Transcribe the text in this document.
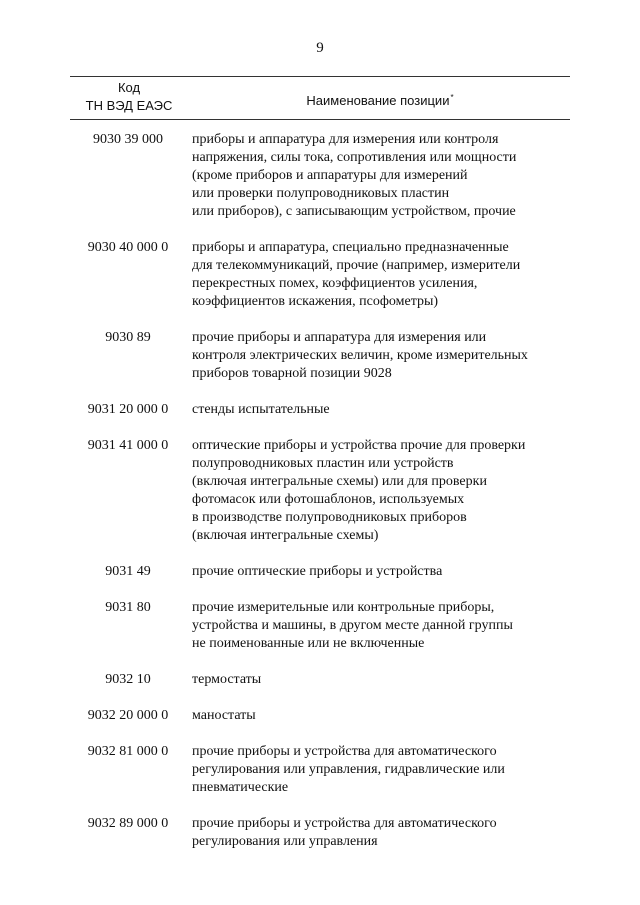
9
Код
ТН ВЭД ЕАЭС	Наименование позиции*
9030 39 000	приборы и аппаратура для измерения или контроля
напряжения, силы тока, сопротивления или мощности
(кроме приборов и аппаратуры для измерений
или проверки полупроводниковых пластин
или приборов), с записывающим устройством, прочие
9030 40 000 0	приборы и аппаратура, специально предназначенные
для телекоммуникаций, прочие (например, измерители
перекрестных помех, коэффициентов усиления,
коэффициентов искажения, псофометры)
9030 89	прочие приборы и аппаратура для измерения или
контроля электрических величин, кроме измерительных
приборов товарной позиции 9028
9031 20 000 0	стенды испытательные
9031 41 000 0	оптические приборы и устройства прочие для проверки
полупроводниковых пластин или устройств
(включая интегральные схемы) или для проверки
фотомасок или фотошаблонов, используемых
в производстве полупроводниковых приборов
(включая интегральные схемы)
9031 49	прочие оптические приборы и устройства
9031 80	прочие измерительные или контрольные приборы,
устройства и машины, в другом месте данной группы
не поименованные или не включенные
9032 10	термостаты
9032 20 000 0	маностаты
9032 81 000 0	прочие приборы и устройства для автоматического
регулирования или управления, гидравлические или
пневматические
9032 89 000 0	прочие приборы и устройства для автоматического
регулирования или управления
